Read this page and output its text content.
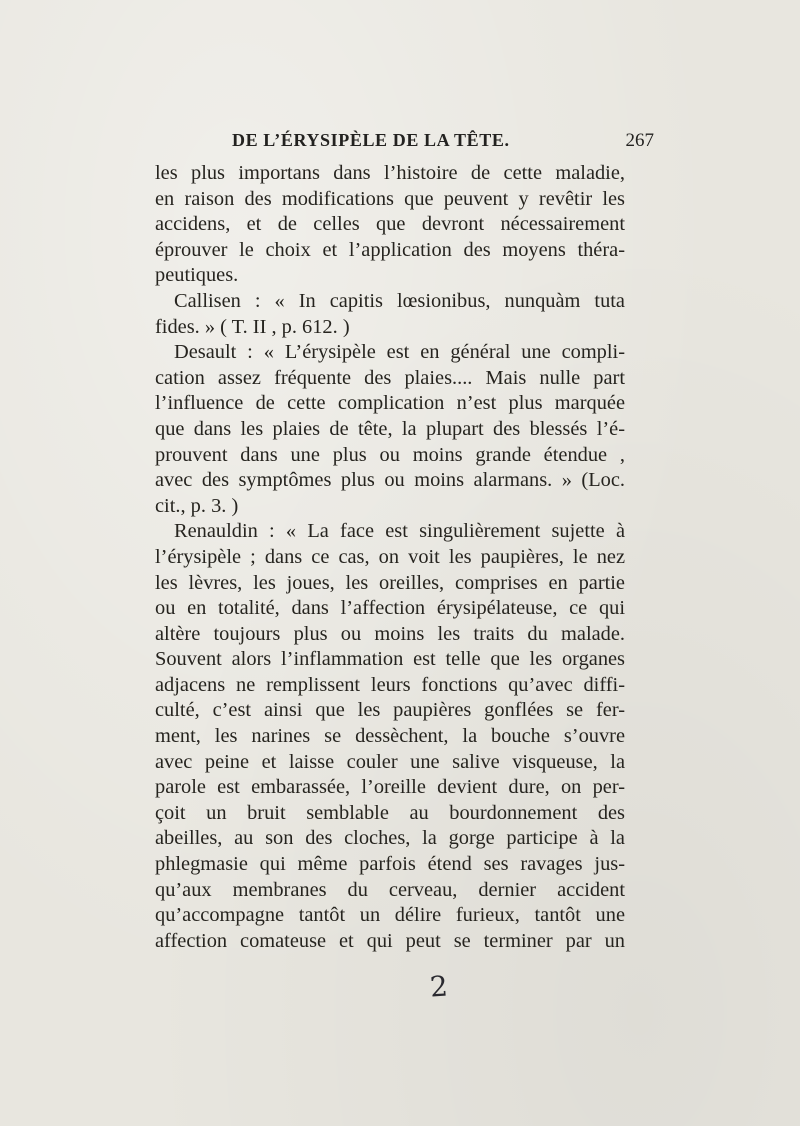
DE L’ÉRYSIPÈLE DE LA TÊTE.	267
les plus importans dans l’histoire de cette maladie,
en raison des modifications que peuvent y revêtir les
accidens, et de celles que devront nécessairement
éprouver le choix et l’application des moyens théra-
peutiques.
Callisen : « In capitis lœsionibus, nunquàm tuta
fides. » ( T. II , p. 612. )
Desault : « L’érysipèle est en général une compli-
cation assez fréquente des plaies.... Mais nulle part
l’influence de cette complication n’est plus marquée
que dans les plaies de tête, la plupart des blessés l’é-
prouvent dans une plus ou moins grande étendue ,
avec des symptômes plus ou moins alarmans. » (Loc.
cit., p. 3. )
Renauldin : « La face est singulièrement sujette à
l’érysipèle ; dans ce cas, on voit les paupières, le nez
les lèvres, les joues, les oreilles, comprises en partie
ou en totalité, dans l’affection érysipélateuse, ce qui
altère toujours plus ou moins les traits du malade.
Souvent alors l’inflammation est telle que les organes
adjacens ne remplissent leurs fonctions qu’avec diffi-
culté, c’est ainsi que les paupières gonflées se fer-
ment, les narines se dessèchent, la bouche s’ouvre
avec peine et laisse couler une salive visqueuse, la
parole est embarassée, l’oreille devient dure, on per-
çoit un bruit semblable au bourdonnement des
abeilles, au son des cloches, la gorge participe à la
phlegmasie qui même parfois étend ses ravages jus-
qu’aux membranes du cerveau, dernier accident
qu’accompagne tantôt un délire furieux, tantôt une
affection comateuse et qui peut se terminer par un
2
